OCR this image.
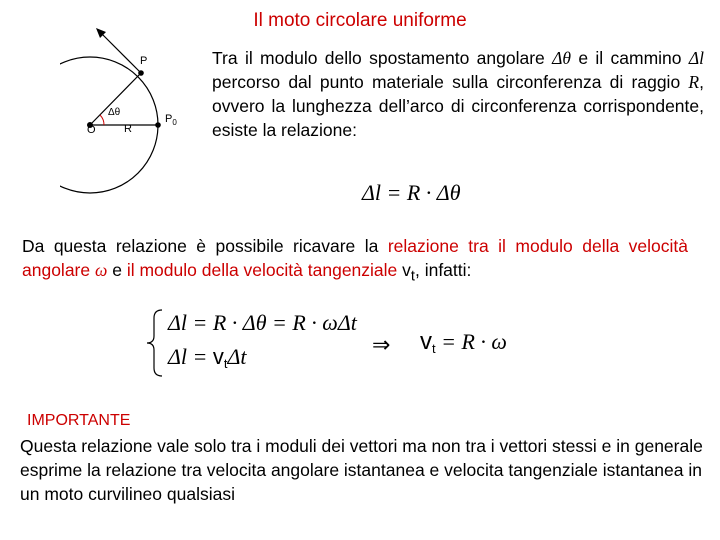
Il moto circolare uniforme
P
O	R
$P_0$
Δθ
Tra il modulo dello spostamento angolare Δθ e il cammino Δl percorso dal punto materiale sulla circonferenza di raggio R, ovvero la lunghezza dell’arco di circonferenza corrispondente, esiste la relazione:
Δl = R · Δθ
Da questa relazione è possibile ricavare la relazione tra il modulo della velocità angolare ω e il modulo della velocità tangenziale $v_t$, infatti:
Δl = R · Δθ = R · ωΔt
$\Delta l = v_t\Delta t$	⇒ $v_t = R \cdot \omega$
IMPORTANTE
Questa relazione vale solo tra i moduli dei vettori ma non tra i vettori stessi e in generale esprime la relazione tra velocita angolare istantanea e velocita tangenziale istantanea in un moto curvilineo qualsiasi
